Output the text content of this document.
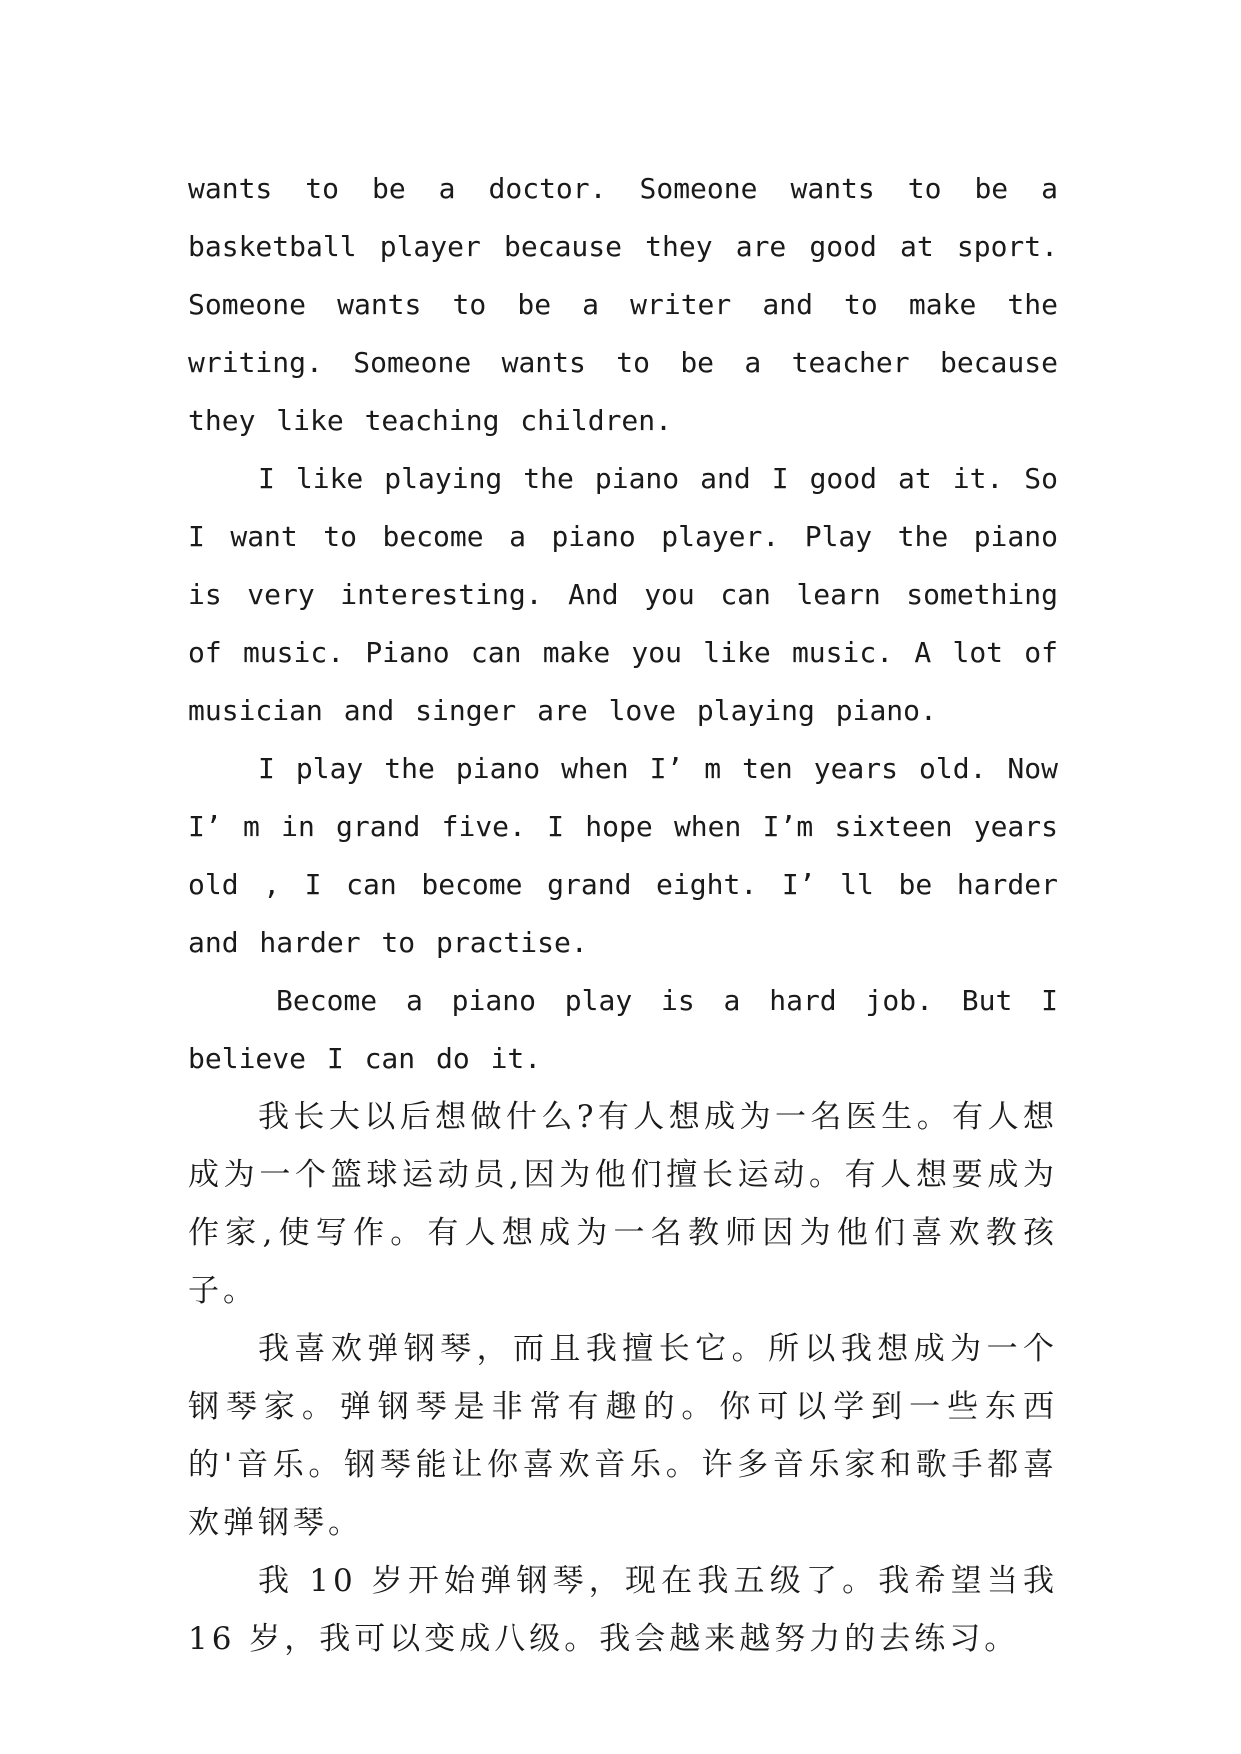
wants to be a doctor. Someone wants to be a basketball player because they are good at sport. Someone wants to be a writer and to make the writing. Someone wants to be a teacher because they like teaching children.

I like playing the piano and I good at it. So I want to become a piano player. Play the piano is very interesting. And you can learn something of music. Piano can make you like music. A lot of musician and singer are love playing piano.

I play the piano when I’ m ten years old. Now I’ m in grand five. I hope when I’m sixteen years old , I can become grand eight. I’ ll be harder and harder to practise.

Become a piano play is a hard job. But I believe I can do it.

我长大以后想做什么?有人想成为一名医生。有人想成为一个篮球运动员,因为他们擅长运动。有人想要成为作家,使写作。有人想成为一名教师因为他们喜欢教孩子。

我喜欢弹钢琴，而且我擅长它。所以我想成为一个钢琴家。弹钢琴是非常有趣的。你可以学到一些东西的'音乐。钢琴能让你喜欢音乐。许多音乐家和歌手都喜欢弹钢琴。

我 10 岁开始弹钢琴，现在我五级了。我希望当我 16 岁，我可以变成八级。我会越来越努力的去练习。
